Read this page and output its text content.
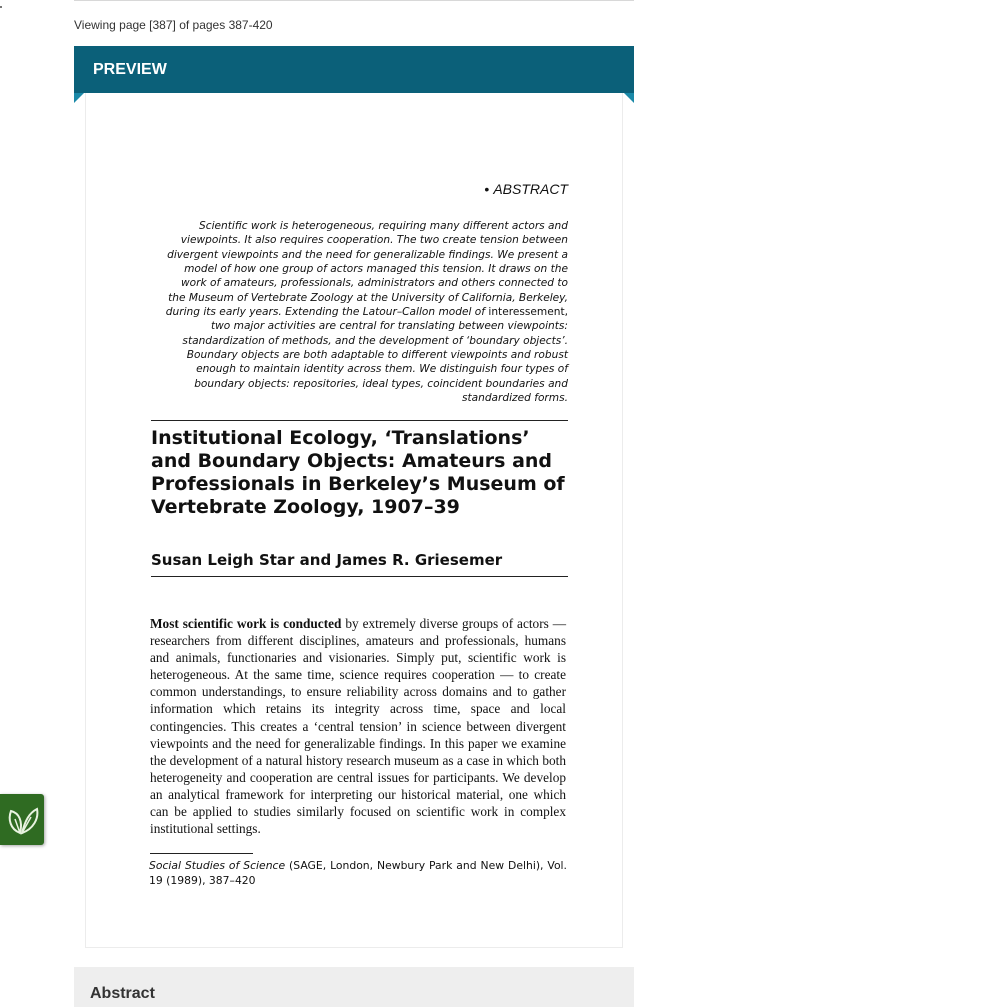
Viewing page [387] of pages 387-420
PREVIEW
• ABSTRACT
Scientific work is heterogeneous, requiring many different actors and
viewpoints. It also requires cooperation. The two create tension between
divergent viewpoints and the need for generalizable findings. We present a
model of how one group of actors managed this tension. It draws on the
work of amateurs, professionals, administrators and others connected to
the Museum of Vertebrate Zoology at the University of California, Berkeley,
during its early years. Extending the Latour–Callon model of interessement,
two major activities are central for translating between viewpoints:
standardization of methods, and the development of ‘boundary objects’.
Boundary objects are both adaptable to different viewpoints and robust
enough to maintain identity across them. We distinguish four types of
boundary objects: repositories, ideal types, coincident boundaries and
standardized forms.
Institutional Ecology, ‘Translations’
and Boundary Objects: Amateurs and
Professionals in Berkeley’s Museum of
Vertebrate Zoology, 1907–39
Susan Leigh Star and James R. Griesemer
Most scientific work is conducted by extremely diverse groups of actors — researchers from different disciplines, amateurs and professionals, humans and animals, functionaries and visionaries. Simply put, scientific work is heterogeneous. At the same time, science requires cooperation — to create common understandings, to ensure reliability across domains and to gather information which retains its integrity across time, space and local contingencies. This creates a ‘central tension’ in science between divergent viewpoints and the need for generalizable findings. In this paper we examine the development of a natural history research museum as a case in which both heterogeneity and cooperation are central issues for participants. We develop an analytical framework for interpreting our historical material, one which can be applied to studies similarly focused on scientific work in complex institutional settings.
Social Studies of Science (SAGE, London, Newbury Park and New Delhi), Vol. 19 (1989), 387–420
Abstract
